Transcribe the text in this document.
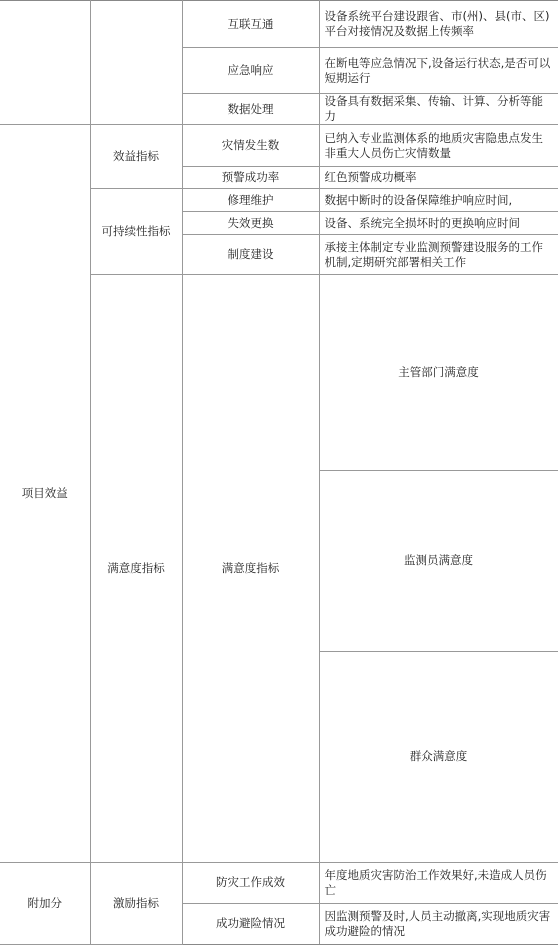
		互联互通	设备系统平台建设跟省、市(州)、县(市、区)平台对接情况及数据上传频率	
		应急响应	在断电等应急情况下,设备运行状态,是否可以短期运行	
		数据处理	设备具有数据采集、传输、计算、分析等能力	
项目效益	效益指标	灾情发生数	已纳入专业监测体系的地质灾害隐患点发生非重大人员伤亡灾情数量	
		预警成功率	红色预警成功概率	
	可持续性指标	修理维护	数据中断时的设备保障维护响应时间,	
		失效更换	设备、系统完全损坏时的更换响应时间	
		制度建设	承接主体制定专业监测预警建设服务的工作机制,定期研究部署相关工作	
	满意度指标	满意度指标	主管部门满意度	
			监测员满意度	
			群众满意度	
附加分	激励指标	防灾工作成效	年度地质灾害防治工作效果好,未造成人员伤亡	
		成功避险情况	因监测预警及时,人员主动撤离,实现地质灾害成功避险的情况	
